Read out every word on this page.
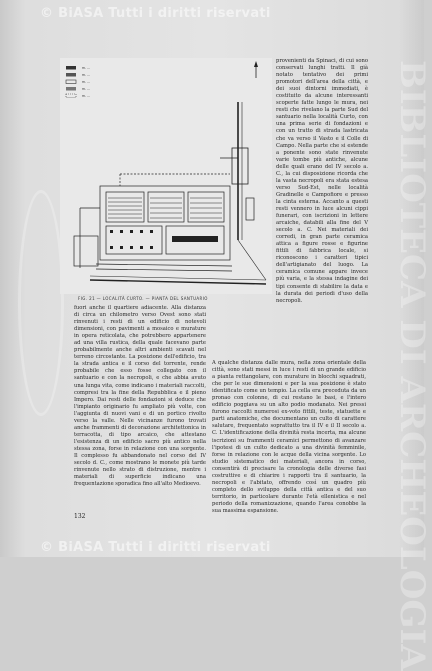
© BiASA Tutti i diritti riservati
BIBLIOTECA DI ARCHEOLOGIA
m. ...
m. ...
m. ...
m. ...
m. ...
FIG. 21 — LOCALITÀ CURTO. — PIANTA DEL SANTUARIO

provenienti da Spinaci, di cui sono conservati lunghi tratti. Il già notato tentativo dei primi promotori dell'area della città, e dei suoi dintorni immediati, è costituito da alcune interessanti scoperte fatte lungo le mura, nei resti che rivelano la parte Sud del santuario nella località Curto, con una prima serie di fondazioni e con un tratto di strada lastricata che va verso il Vasto e il Colle di Campo. Nella parte che si estende a ponente sono state rinvenute varie tombe più antiche, alcune delle quali erano del IV secolo a. C., la cui disposizione ricorda che la vasta necropoli era stata estesa verso Sud-Est, nelle località Gradinelle e Campofiore e presso la cinta esterna. Accanto a questi resti vennero in luce alcuni cippi funerari, con iscrizioni in lettere arcaiche, databili alla fine del V secolo a. C. Nei materiali dei corredi, in gran parte ceramica attica a figure rosse e figurine fittili di fabbrica locale, si riconoscono i caratteri tipici dell'artigianato del luogo. La ceramica comune appare invece più varia, e la stessa indagine dei tipi consente di stabilire la data e la durata dei periodi d'uso della necropoli.

fuori anche il quartiere adiacente. Alla distanza di circa un chilometro verso Ovest sono stati rinvenuti i resti di un edificio di notevoli dimensioni, con pavimenti a mosaico e murature in opera reticolata, che potrebbero appartenere ad una villa rustica, della quale facevano parte probabilmente anche altri ambienti scavati nel terreno circostante. La posizione dell'edificio, tra la strada antica e il corso del torrente, rende probabile che esso fosse collegato con il santuario e con la necropoli, e che abbia avuto una lunga vita, come indicano i materiali raccolti, compresi tra la fine della Repubblica e il pieno Impero. Dai resti delle fondazioni si deduce che l'impianto originario fu ampliato più volte, con l'aggiunta di nuovi vani e di un portico rivolto verso la valle. Nelle vicinanze furono trovati anche frammenti di decorazione architettonica in terracotta, di tipo arcaico, che attestano l'esistenza di un edificio sacro più antico nella stessa zona, forse in relazione con una sorgente. Il complesso fu abbandonato nel corso del IV secolo d. C., come mostrano le monete più tarde rinvenute nello strato di distruzione, mentre i materiali di superficie indicano una frequentazione sporadica fino all'alto Medioevo.

A qualche distanza dalle mura, nella zona orientale della città, sono stati messi in luce i resti di un grande edificio a pianta rettangolare, con murature in blocchi squadrati, che per le sue dimensioni e per la sua posizione è stato identificato come un tempio. La cella era preceduta da un pronao con colonne, di cui restano le basi, e l'intero edificio poggiava su un alto podio modanato. Nei pressi furono raccolti numerosi ex-voto fittili, teste, statuette e parti anatomiche, che documentano un culto di carattere salutare, frequentato soprattutto tra il IV e il II secolo a. C. L'identificazione della divinità resta incerta, ma alcune iscrizioni su frammenti ceramici permettono di avanzare l'ipotesi di un culto dedicato a una divinità femminile, forse in relazione con le acque della vicina sorgente. Lo studio sistematico dei materiali, ancora in corso, consentirà di precisare la cronologia delle diverse fasi costruttive e di chiarire i rapporti tra il santuario, la necropoli e l'abitato, offrendo così un quadro più completo dello sviluppo della città antica e del suo territorio, in particolare durante l'età ellenistica e nel periodo della romanizzazione, quando l'area conobbe la sua massima espansione.

132
© BiASA Tutti i diritti riservati
